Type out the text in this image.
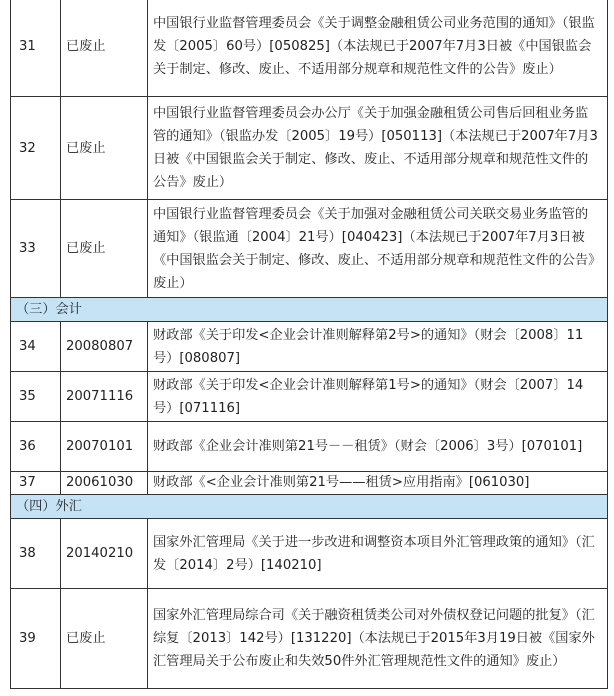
31	已废止	中国银行业监督管理委员会《关于调整金融租赁公司业务范围的通知》（银监发〔2005〕60号）[050825]（本法规已于2007年7月3日被《中国银监会关于制定、修改、废止、不适用部分规章和规范性文件的公告》废止）
32	已废止	中国银行业监督管理委员会办公厅《关于加强金融租赁公司售后回租业务监管的通知》（银监办发〔2005〕19号）[050113]（本法规已于2007年7月3日被《中国银监会关于制定、修改、废止、不适用部分规章和规范性文件的公告》废止）
33	已废止	中国银行业监督管理委员会《关于加强对金融租赁公司关联交易业务监管的通知》（银监通〔2004〕21号）[040423]（本法规已于2007年7月3日被《中国银监会关于制定、修改、废止、不适用部分规章和规范性文件的公告》废止）
（三）会计		
34	20080807	财政部《关于印发<企业会计准则解释第2号>的通知》（财会〔2008〕11号）[080807]
35	20071116	财政部《关于印发<企业会计准则解释第1号>的通知》（财会〔2007〕14号）[071116]
36	20070101	财政部《企业会计准则第21号－－租赁》（财会〔2006〕3号）[070101]
37	20061030	财政部《<企业会计准则第21号——租赁>应用指南》[061030]
（四）外汇		
38	20140210	国家外汇管理局《关于进一步改进和调整资本项目外汇管理政策的通知》（汇发〔2014〕2号）[140210]
39	已废止	国家外汇管理局综合司《关于融资租赁类公司对外债权登记问题的批复》（汇综复〔2013〕142号）[131220]（本法规已于2015年3月19日被《国家外汇管理局关于公布废止和失效50件外汇管理规范性文件的通知》废止）
